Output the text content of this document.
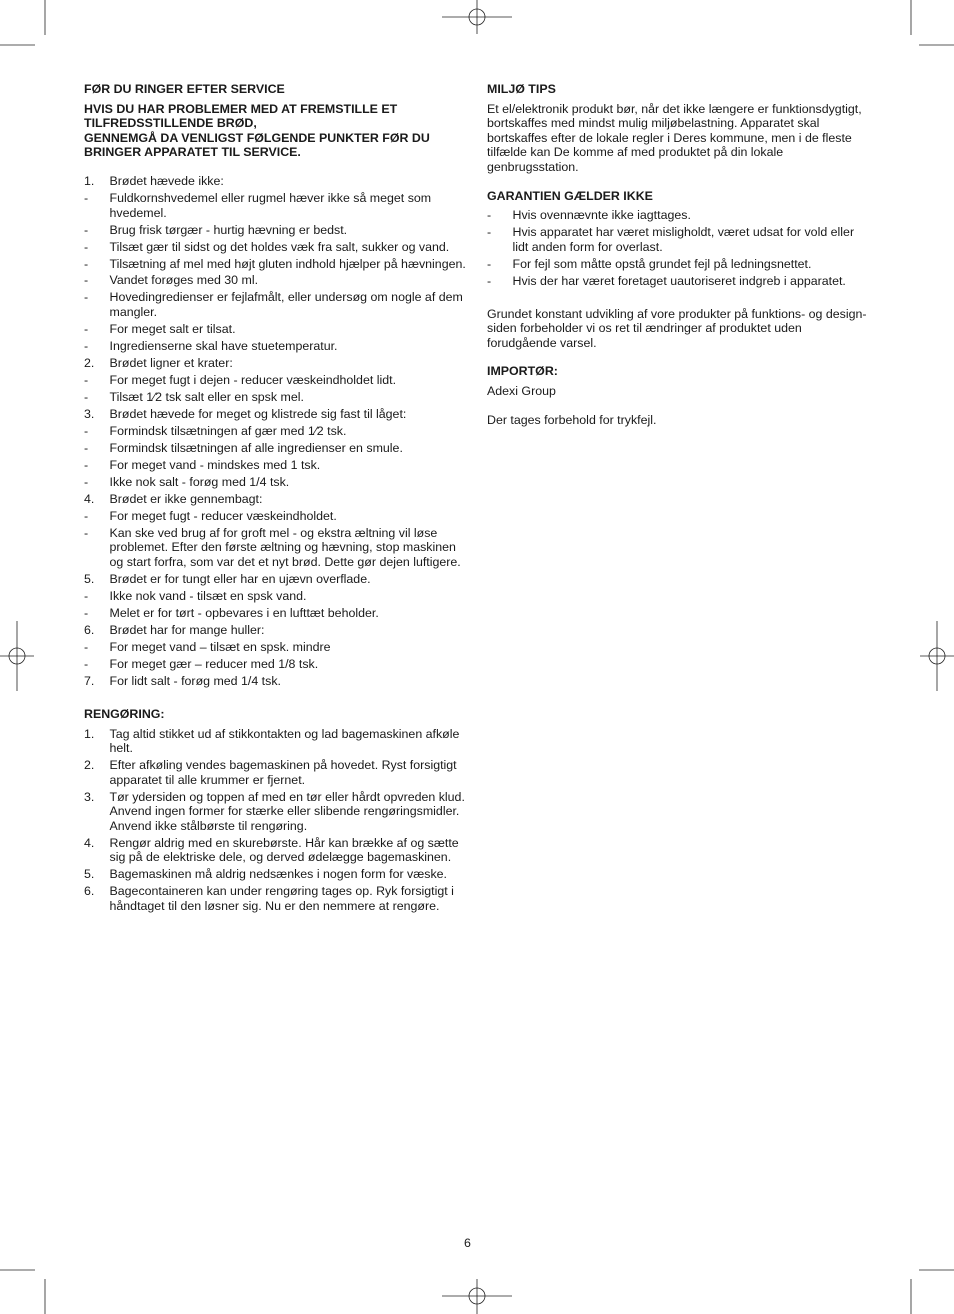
FØR DU RINGER EFTER SERVICE

HVIS DU HAR PROBLEMER MED AT FREMSTILLE ET
TILFREDSSTILLENDE BRØD,
GENNEMGÅ DA VENLIGST FØLGENDE PUNKTER FØR DU
BRINGER APPARATET TIL SERVICE.
1.	Brødet hævede ikke:
-	Fuldkornshvedemel eller rugmel hæver ikke så meget som hvedemel.
-	Brug frisk tørgær - hurtig hævning er bedst.
-	Tilsæt gær til sidst og det holdes væk fra salt, sukker og vand.
-	Tilsætning af mel med højt gluten indhold hjælper på hævningen.
-	Vandet forøges med 30 ml.
-	Hovedingredienser er fejlafmålt, eller undersøg om nogle af dem mangler.
-	For meget salt er tilsat.
-	Ingredienserne skal have stuetemperatur.
2.	Brødet ligner et krater:
-	For meget fugt i dejen - reducer væskeindholdet lidt.
-	Tilsæt 1⁄2 tsk salt eller en spsk mel.
3.	Brødet hævede for meget og klistrede sig fast til låget:
-	Formindsk tilsætningen af gær med 1⁄2 tsk.
-	Formindsk tilsætningen af alle ingredienser en smule.
-	For meget vand - mindskes med 1 tsk.
-	Ikke nok salt - forøg med 1/4 tsk.
4.	Brødet er ikke gennembagt:
-	For meget fugt - reducer væskeindholdet.
-	Kan ske ved brug af for groft mel - og ekstra æltning vil løse problemet. Efter den første æltning og hævning, stop maskinen og start forfra, som var det et nyt brød. Dette gør dejen luftigere.
5.	Brødet er for tungt eller har en ujævn overflade.
-	Ikke nok vand - tilsæt en spsk vand.
-	Melet er for tørt - opbevares i en lufttæt beholder.
6.	Brødet har for mange huller:
-	For meget vand – tilsæt en spsk. mindre
-	For meget gær – reducer med 1/8 tsk.
7.	For lidt salt - forøg med 1/4 tsk.

RENGØRING:

1.	Tag altid stikket ud af stikkontakten og lad bagemaskinen afkøle helt.
2.	Efter afkøling vendes bagemaskinen på hovedet. Ryst forsigtigt apparatet til alle krummer er fjernet.
3.	Tør ydersiden og toppen af med en tør eller hårdt opvreden klud. Anvend ingen former for stærke eller slibende rengøringsmidler. Anvend ikke stålbørste til rengøring.
4.	Rengør aldrig med en skurebørste. Hår kan brække af og sætte sig på de elektriske dele, og derved ødelægge bagemaskinen.
5.	Bagemaskinen må aldrig nedsænkes i nogen form for væske.
6.	Bagecontaineren kan under rengøring tages op. Ryk forsigtigt i håndtaget til den løsner sig. Nu er den nemmere at rengøre.

MILJØ TIPS

Et el/elektronik produkt bør, når det ikke længere er funktionsdygtigt, bortskaffes med mindst mulig miljøbelastning. Apparatet skal bortskaffes efter de lokale regler i Deres kommune, men i de fleste tilfælde kan De komme af med produktet på din lokale genbrugsstation.

GARANTIEN GÆLDER IKKE

-	Hvis ovennævnte ikke iagttages.
-	Hvis apparatet har været misligholdt, været udsat for vold eller lidt anden form for overlast.
-	For fejl som måtte opstå grundet fejl på ledningsnettet.
-	Hvis der har været foretaget uautoriseret indgreb i apparatet.

Grundet konstant udvikling af vore produkter på funktions- og design-siden forbeholder vi os ret til ændringer af produktet uden forudgående varsel.

IMPORTØR:

Adexi Group

Der tages forbehold for trykfejl.

6
